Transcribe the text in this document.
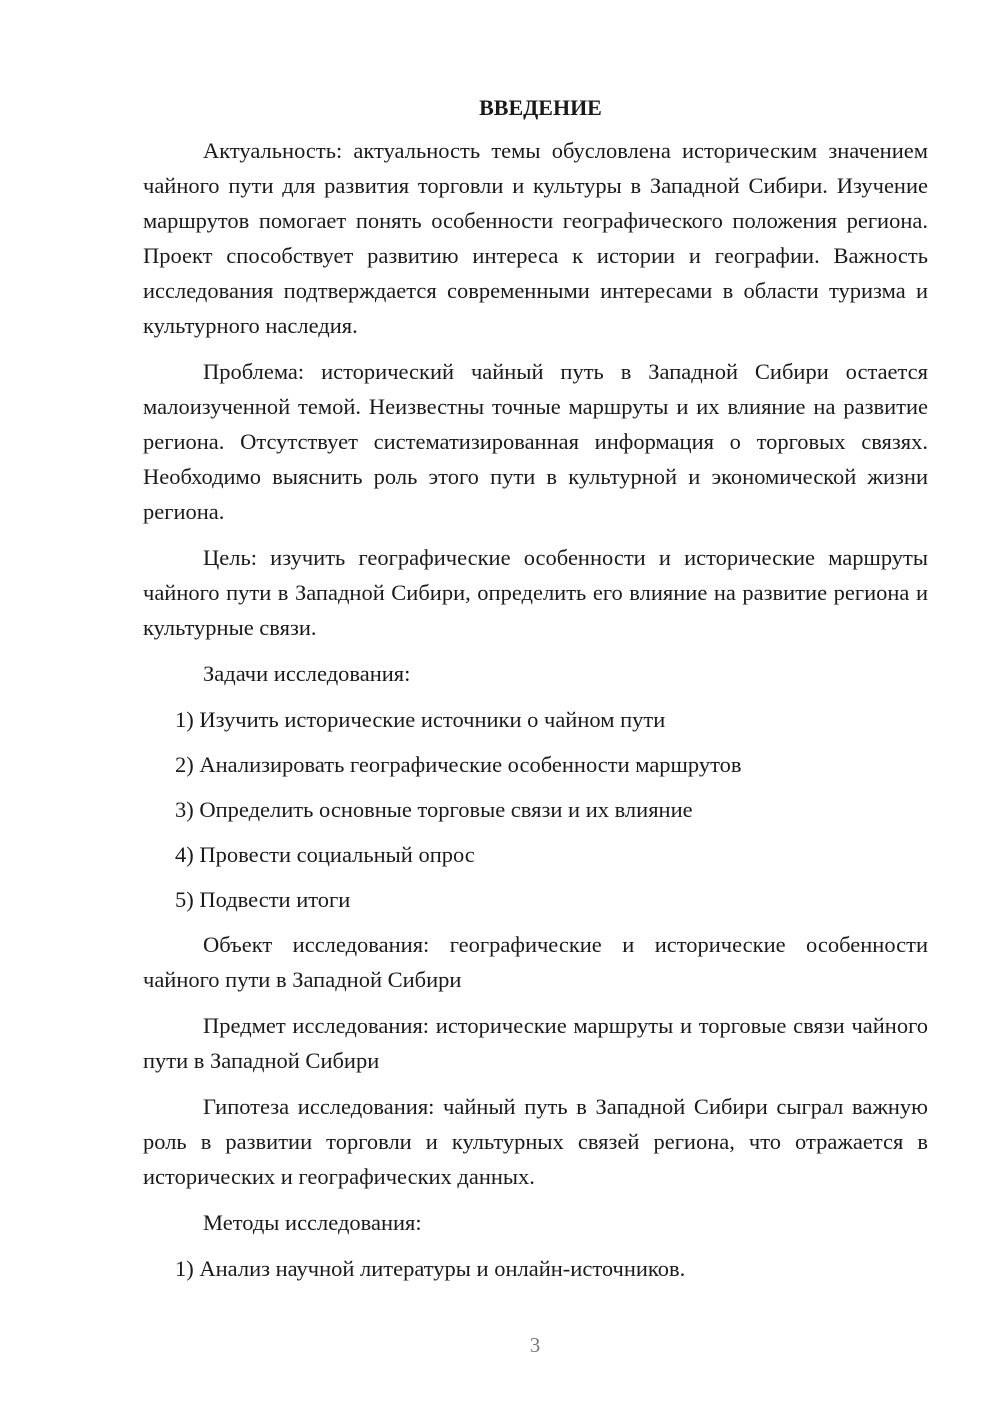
ВВЕДЕНИЕ

Актуальность: актуальность темы обусловлена историческим значением чайного пути для развития торговли и культуры в Западной Сибири. Изучение маршрутов помогает понять особенности географического положения региона. Проект способствует развитию интереса к истории и географии. Важность исследования подтверждается современными интересами в области туризма и культурного наследия.

Проблема: исторический чайный путь в Западной Сибири остается малоизученной темой. Неизвестны точные маршруты и их влияние на развитие региона. Отсутствует систематизированная информация о торговых связях. Необходимо выяснить роль этого пути в культурной и экономической жизни региона.

Цель: изучить географические особенности и исторические маршруты чайного пути в Западной Сибири, определить его влияние на развитие региона и культурные связи.

Задачи исследования:

1) Изучить исторические источники о чайном пути
2) Анализировать географические особенности маршрутов
3) Определить основные торговые связи и их влияние
4) Провести социальный опрос
5) Подвести итоги

Объект исследования: географические и исторические особенности чайного пути в Западной Сибири

Предмет исследования: исторические маршруты и торговые связи чайного пути в Западной Сибири

Гипотеза исследования: чайный путь в Западной Сибири сыграл важную роль в развитии торговли и культурных связей региона, что отражается в исторических и географических данных.

Методы исследования:

1) Анализ научной литературы и онлайн-источников.
3
